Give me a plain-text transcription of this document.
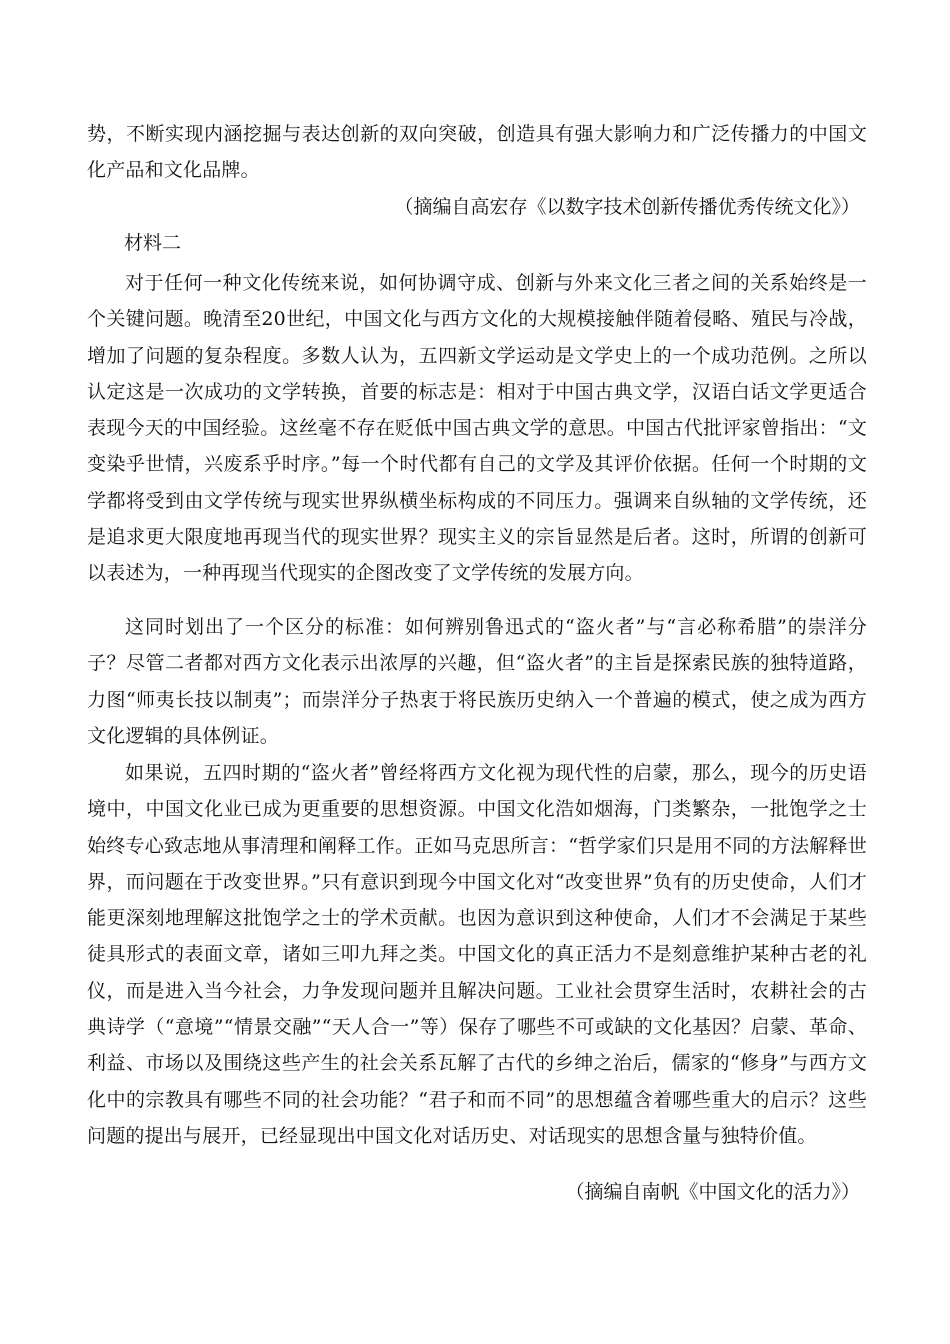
势，不断实现内涵挖掘与表达创新的双向突破，创造具有强大影响力和广泛传播力的中国文化产品和文化品牌。

（摘编自高宏存《以数字技术创新传播优秀传统文化》）

材料二

对于任何一种文化传统来说，如何协调守成、创新与外来文化三者之间的关系始终是一个关键问题。晚清至20世纪，中国文化与西方文化的大规模接触伴随着侵略、殖民与冷战，增加了问题的复杂程度。多数人认为，五四新文学运动是文学史上的一个成功范例。之所以认定这是一次成功的文学转换，首要的标志是：相对于中国古典文学，汉语白话文学更适合表现今天的中国经验。这丝毫不存在贬低中国古典文学的意思。中国古代批评家曾指出：“文变染乎世情，兴废系乎时序。”每一个时代都有自己的文学及其评价依据。任何一个时期的文学都将受到由文学传统与现实世界纵横坐标构成的不同压力。强调来自纵轴的文学传统，还是追求更大限度地再现当代的现实世界？现实主义的宗旨显然是后者。这时，所谓的创新可以表述为，一种再现当代现实的企图改变了文学传统的发展方向。

这同时划出了一个区分的标准：如何辨别鲁迅式的“盗火者”与“言必称希腊”的崇洋分子？尽管二者都对西方文化表示出浓厚的兴趣，但“盗火者”的主旨是探索民族的独特道路，力图“师夷长技以制夷”；而崇洋分子热衷于将民族历史纳入一个普遍的模式，使之成为西方文化逻辑的具体例证。

如果说，五四时期的“盗火者”曾经将西方文化视为现代性的启蒙，那么，现今的历史语境中，中国文化业已成为更重要的思想资源。中国文化浩如烟海，门类繁杂，一批饱学之士始终专心致志地从事清理和阐释工作。正如马克思所言：“哲学家们只是用不同的方法解释世界，而问题在于改变世界。”只有意识到现今中国文化对“改变世界”负有的历史使命，人们才能更深刻地理解这批饱学之士的学术贡献。也因为意识到这种使命，人们才不会满足于某些徒具形式的表面文章，诸如三叩九拜之类。中国文化的真正活力不是刻意维护某种古老的礼仪，而是进入当今社会，力争发现问题并且解决问题。工业社会贯穿生活时，农耕社会的古典诗学（“意境”“情景交融”“天人合一”等）保存了哪些不可或缺的文化基因？启蒙、革命、利益、市场以及围绕这些产生的社会关系瓦解了古代的乡绅之治后，儒家的“修身”与西方文化中的宗教具有哪些不同的社会功能？“君子和而不同”的思想蕴含着哪些重大的启示？这些问题的提出与展开，已经显现出中国文化对话历史、对话现实的思想含量与独特价值。

（摘编自南帆《中国文化的活力》）
